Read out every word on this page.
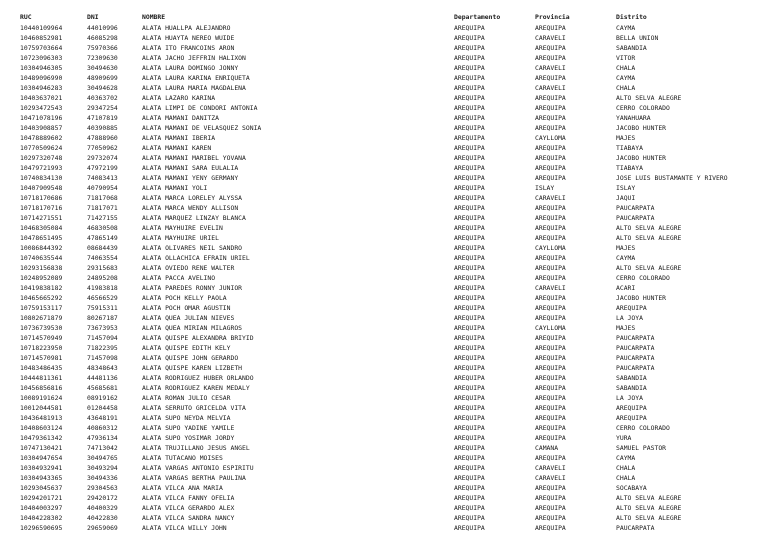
RUC	DNI	NOMBRE	Departamento	Provincia	Distrito
10440109964	44010996	ALATA HUALLPA ALEJANDRO	AREQUIPA	AREQUIPA	CAYMA
10460852981	46085298	ALATA HUAYTA NEREO WUIDE	AREQUIPA	CARAVELI	BELLA UNION
10759703664	75970366	ALATA ITO FRANCOINS ARON	AREQUIPA	AREQUIPA	SABANDIA
10723096303	72309630	ALATA JACHO JEFFRIN HALIXON	AREQUIPA	AREQUIPA	VITOR
10304946305	30494630	ALATA LAURA DOMINGO JONNY	AREQUIPA	CARAVELI	CHALA
10489096990	48909699	ALATA LAURA KARINA ENRIQUETA	AREQUIPA	AREQUIPA	CAYMA
10304946283	30494628	ALATA LAURA MARIA MAGDALENA	AREQUIPA	CARAVELI	CHALA
10403637021	40363702	ALATA LAZARO KARINA	AREQUIPA	AREQUIPA	ALTO SELVA ALEGRE
10293472543	29347254	ALATA LIMPI DE CONDORI ANTONIA	AREQUIPA	AREQUIPA	CERRO COLORADO
10471078196	47107819	ALATA MAMANI DANITZA	AREQUIPA	AREQUIPA	YANAHUARA
10403908857	40390885	ALATA MAMANI DE VELASQUEZ SONIA	AREQUIPA	AREQUIPA	JACOBO HUNTER
10478889602	47888960	ALATA MAMANI IBERIA	AREQUIPA	CAYLLOMA	MAJES
10770509624	77050962	ALATA MAMANI KAREN	AREQUIPA	AREQUIPA	TIABAYA
10297320748	29732074	ALATA MAMANI MARIBEL YOVANA	AREQUIPA	AREQUIPA	JACOBO HUNTER
10479721993	47972199	ALATA MAMANI SARA EULALIA	AREQUIPA	AREQUIPA	TIABAYA
10740834130	74083413	ALATA MAMANI YENY GERMANY	AREQUIPA	AREQUIPA	JOSE LUIS BUSTAMANTE Y RIVERO
10407909548	40790954	ALATA MAMANI YOLI	AREQUIPA	ISLAY	ISLAY
10718170686	71817068	ALATA MARCA LORELEY ALYSSA	AREQUIPA	CARAVELI	JAQUI
10718170716	71817071	ALATA MARCA WENDY ALLISON	AREQUIPA	AREQUIPA	PAUCARPATA
10714271551	71427155	ALATA MARQUEZ LINZAY BLANCA	AREQUIPA	AREQUIPA	PAUCARPATA
10468305084	46830508	ALATA MAYHUIRE EVELIN	AREQUIPA	AREQUIPA	ALTO SELVA ALEGRE
10478651495	47865149	ALATA MAYHUIRE URIEL	AREQUIPA	AREQUIPA	ALTO SELVA ALEGRE
10086844392	08684439	ALATA OLIVARES NEIL SANDRO	AREQUIPA	CAYLLOMA	MAJES
10740635544	74063554	ALATA OLLACHICA EFRAIN URIEL	AREQUIPA	AREQUIPA	CAYMA
10293156838	29315683	ALATA OVIEDO RENE WALTER	AREQUIPA	AREQUIPA	ALTO SELVA ALEGRE
10248952089	24895208	ALATA PACCA AVELINO	AREQUIPA	AREQUIPA	CERRO COLORADO
10419838182	41983818	ALATA PAREDES RONNY JUNIOR	AREQUIPA	CARAVELI	ACARI
10465665292	46566529	ALATA POCH KELLY PAOLA	AREQUIPA	AREQUIPA	JACOBO HUNTER
10759153117	75915311	ALATA POCH OMAR AGUSTIN	AREQUIPA	AREQUIPA	AREQUIPA
10802671879	80267187	ALATA QUEA JULIAN NIEVES	AREQUIPA	AREQUIPA	LA JOYA
10736739530	73673953	ALATA QUEA MIRIAN MILAGROS	AREQUIPA	CAYLLOMA	MAJES
10714570949	71457094	ALATA QUISPE ALEXANDRA BRIYID	AREQUIPA	AREQUIPA	PAUCARPATA
10718223950	71822395	ALATA QUISPE EDITH KELY	AREQUIPA	AREQUIPA	PAUCARPATA
10714570981	71457098	ALATA QUISPE JOHN GERARDO	AREQUIPA	AREQUIPA	PAUCARPATA
10483486435	48348643	ALATA QUISPE KAREN LIZBETH	AREQUIPA	AREQUIPA	PAUCARPATA
10444811361	44481136	ALATA RODRIGUEZ HUBER ORLANDO	AREQUIPA	AREQUIPA	SABANDIA
10456856816	45685681	ALATA RODRIGUEZ KAREN MEDALY	AREQUIPA	AREQUIPA	SABANDIA
10089191624	08919162	ALATA ROMAN JULIO CESAR	AREQUIPA	AREQUIPA	LA JOYA
10012044581	01204458	ALATA SERRUTO GRICELDA VITA	AREQUIPA	AREQUIPA	AREQUIPA
10436481913	43648191	ALATA SUPO NEYDA MELVIA	AREQUIPA	AREQUIPA	AREQUIPA
10408603124	40860312	ALATA SUPO YADINE YAMILE	AREQUIPA	AREQUIPA	CERRO COLORADO
10479361342	47936134	ALATA SUPO YOSIMAR JORDY	AREQUIPA	AREQUIPA	YURA
10747130421	74713042	ALATA TRUJILLANO JESUS ANGEL	AREQUIPA	CAMANA	SAMUEL PASTOR
10304947654	30494765	ALATA TUTACANO MOISES	AREQUIPA	AREQUIPA	CAYMA
10304932941	30493294	ALATA VARGAS ANTONIO ESPIRITU	AREQUIPA	CARAVELI	CHALA
10304943365	30494336	ALATA VARGAS BERTHA PAULINA	AREQUIPA	CARAVELI	CHALA
10293045637	29304563	ALATA VILCA ANA MARIA	AREQUIPA	AREQUIPA	SOCABAYA
10294201721	29420172	ALATA VILCA FANNY OFELIA	AREQUIPA	AREQUIPA	ALTO SELVA ALEGRE
10404003297	40400329	ALATA VILCA GERARDO ALEX	AREQUIPA	AREQUIPA	ALTO SELVA ALEGRE
10404228302	40422830	ALATA VILCA SANDRA NANCY	AREQUIPA	AREQUIPA	ALTO SELVA ALEGRE
10296590695	29659069	ALATA VILCA WILLY JOHN	AREQUIPA	AREQUIPA	PAUCARPATA
